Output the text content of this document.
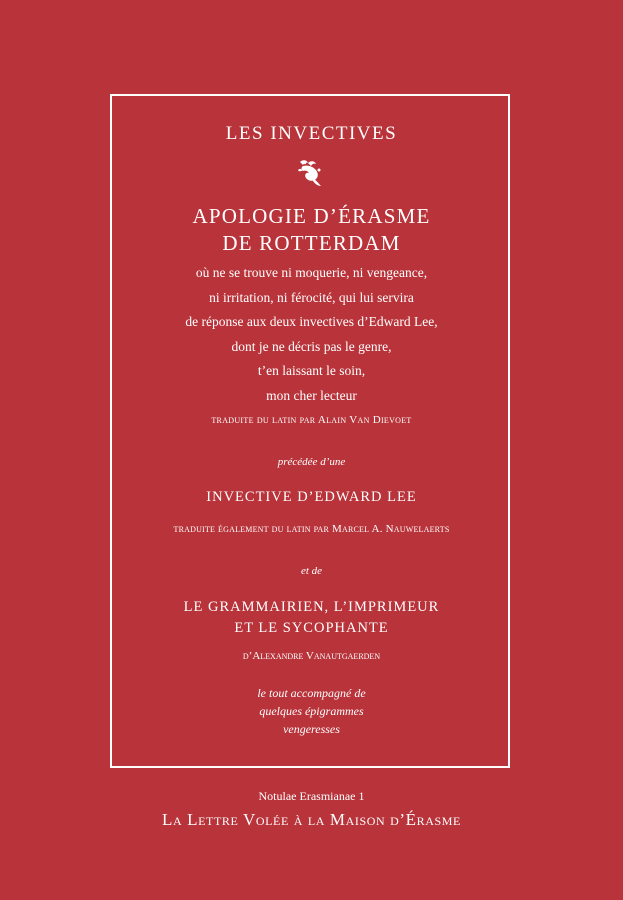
LES INVECTIVES

APOLOGIE D’ÉRASME
DE ROTTERDAM
où ne se trouve ni moquerie, ni vengeance,
ni irritation, ni férocité, qui lui servira
de réponse aux deux invectives d’Edward Lee,
dont je ne décris pas le genre,
t’en laissant le soin,
mon cher lecteur

traduite du latin par Alain Van Dievoet

précédée d’une

INVECTIVE D’EDWARD LEE

traduite également du latin par Marcel A. Nauwelaerts

et de

LE GRAMMAIRIEN, L’IMPRIMEUR
ET LE SYCOPHANTE

d’Alexandre Vanautgaerden

le tout accompagné de
quelques épigrammes
vengeresses

Notulae Erasmianae 1

La Lettre Volée à la Maison d’Érasme
